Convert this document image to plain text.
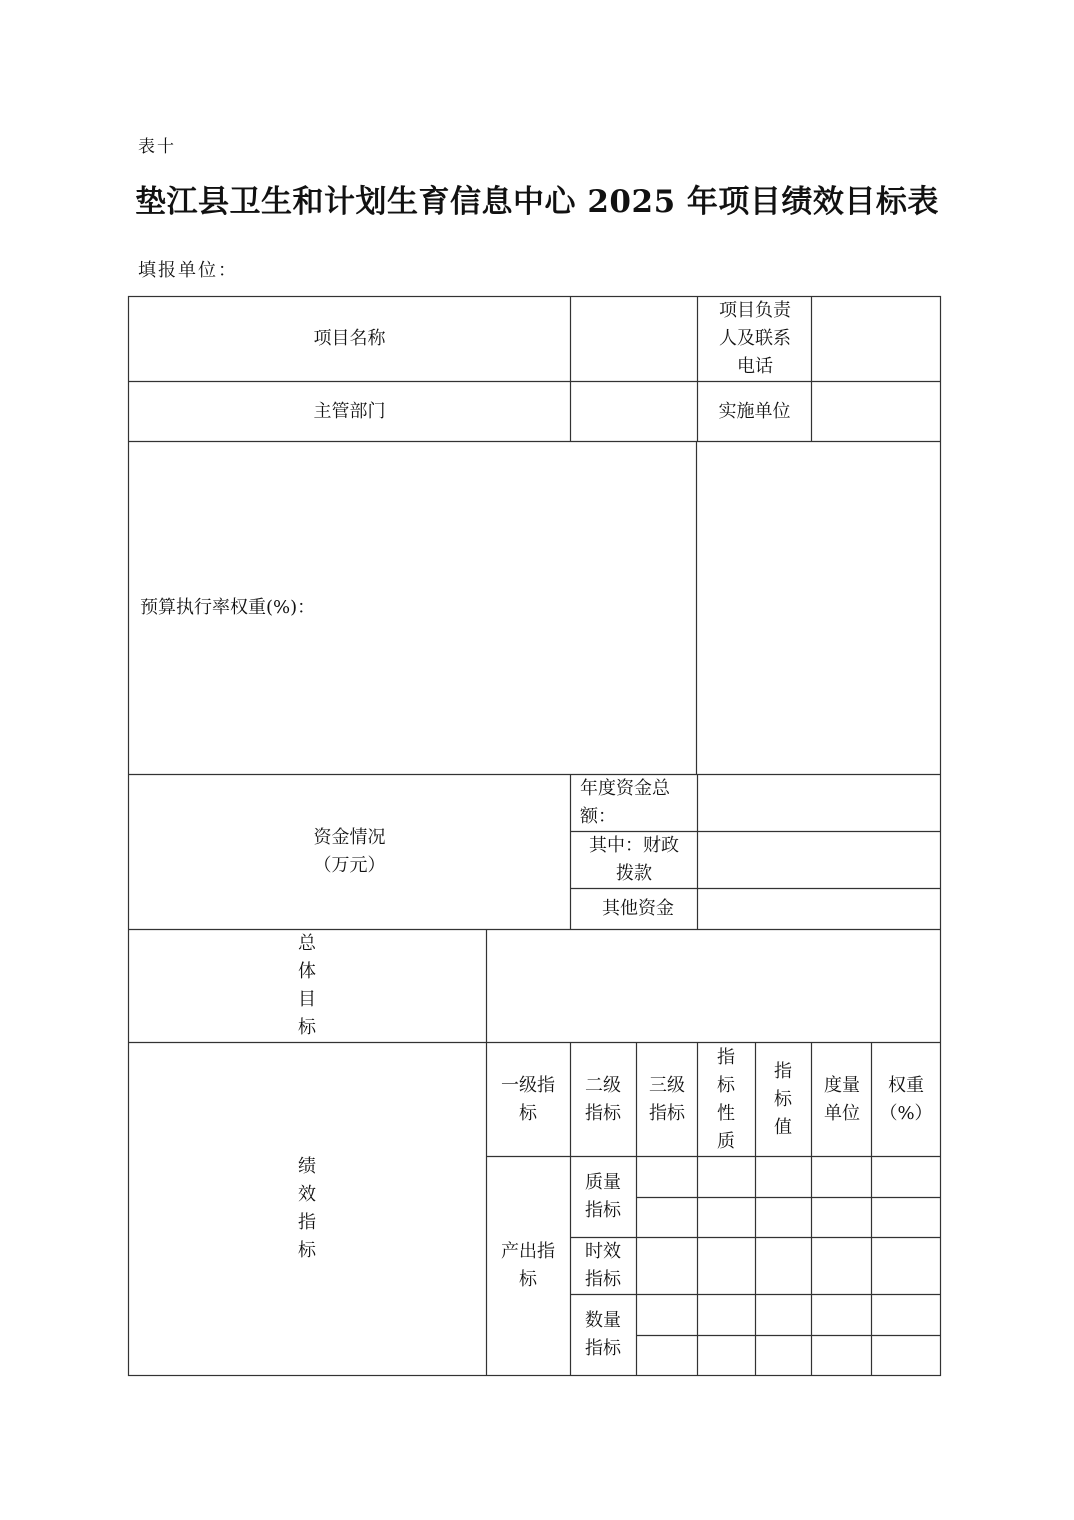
表十
垫江县卫生和计划生育信息中心 2025 年项目绩效目标表
填报单位：
项目名称
项目负责人及联系电话
主管部门	实施单位
预算执行率权重(%)：
资金情况
（万元）
年度资金总额：
其中：财政拨款
其他资金
总体目标
绩效指标
一级指标
二级指标
三级指标
指标性质
指标值
度量单位
权重（%）
产出指标
质量指标
时效指标
数量指标
